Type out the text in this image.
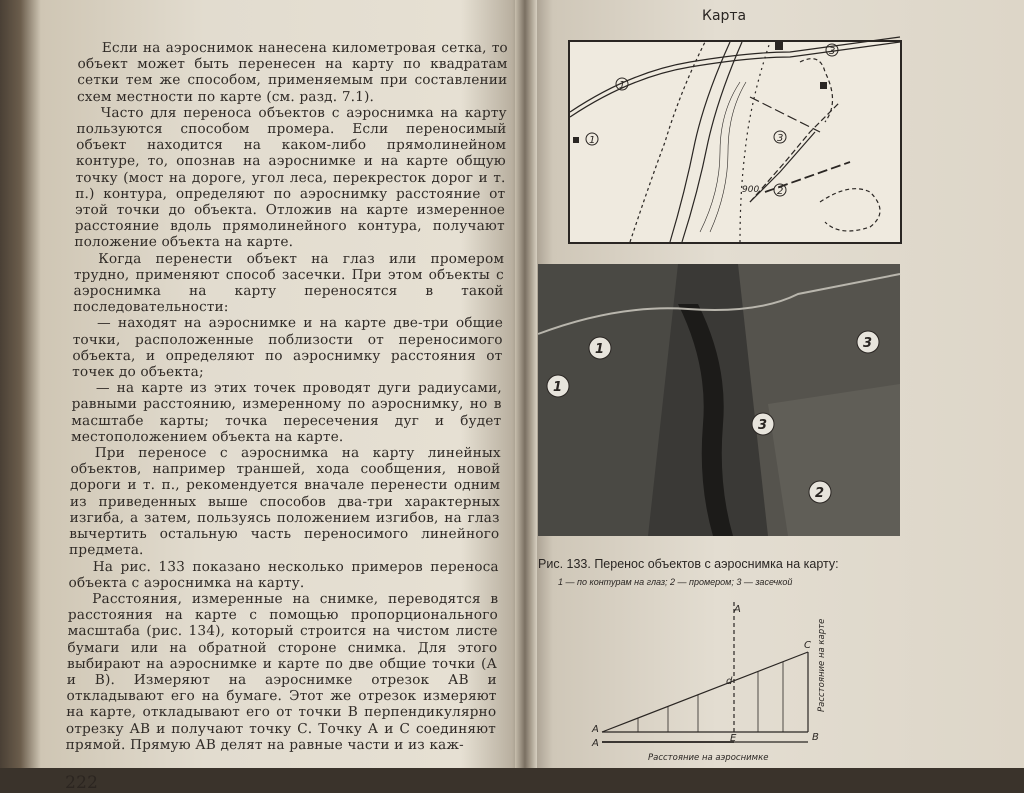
Если на аэроснимок нанесена километровая сетка, то объект может быть перенесен на карту по квадратам сетки тем же способом, применяемым при составлении схем местности по карте (см. разд. 7.1).

Часто для переноса объектов с аэроснимка на карту пользуются способом промера. Если переносимый объект находится на каком-либо прямолинейном контуре, то, опознав на аэроснимке и на карте общую точку (мост на дороге, угол леса, перекресток дорог и т. п.) контура, определяют по аэроснимку расстояние от этой точки до объекта. Отложив на карте измеренное расстояние вдоль прямолинейного контура, получают положение объекта на карте.

Когда перенести объект на глаз или промером трудно, применяют способ засечки. При этом объекты с аэроснимка на карту переносятся в такой последовательности:

— находят на аэроснимке и на карте две-три общие точки, расположенные поблизости от переносимого объекта, и определяют по аэроснимку расстояния от точек до объекта;

— на карте из этих точек проводят дуги радиусами, равными расстоянию, измеренному по аэроснимку, но в масштабе карты; точка пересечения дуг и будет местоположением объекта на карте.

При переносе с аэроснимка на карту линейных объектов, например траншей, хода сообщения, новой дороги и т. п., рекомендуется вначале перенести одним из приведенных выше способов два-три характерных изгиба, а затем, пользуясь положением изгибов, на глаз вычертить остальную часть переносимого линейного предмета.

На рис. 133 показано несколько примеров переноса объекта с аэроснимка на карту.

Расстояния, измеренные на снимке, переводятся в расстояния на карте с помощью пропорционального масштаба (рис. 134), который строится на чистом листе бумаги или на обратной стороне снимка. Для этого выбирают на аэроснимке и карте по две общие точки (А и В). Измеряют на аэроснимке отрезок АВ и откладывают его на бумаге. Этот же отрезок измеряют на карте, откладывают его от точки В перпендикулярно отрезку АВ и получают точку С. Точку А и С соединяют прямой. Прямую АВ делят на равные части и из каж-

222
1
1
3
3
2
900
Карта
1
1
3
3
2
Рис. 133. Перенос объектов с аэроснимка на карту:
1 — по контурам на глаз; 2 — промером; 3 — засечкой
A
A
B
C
d
E
A
Расстояние на аэроснимке
Расстояние на карте
